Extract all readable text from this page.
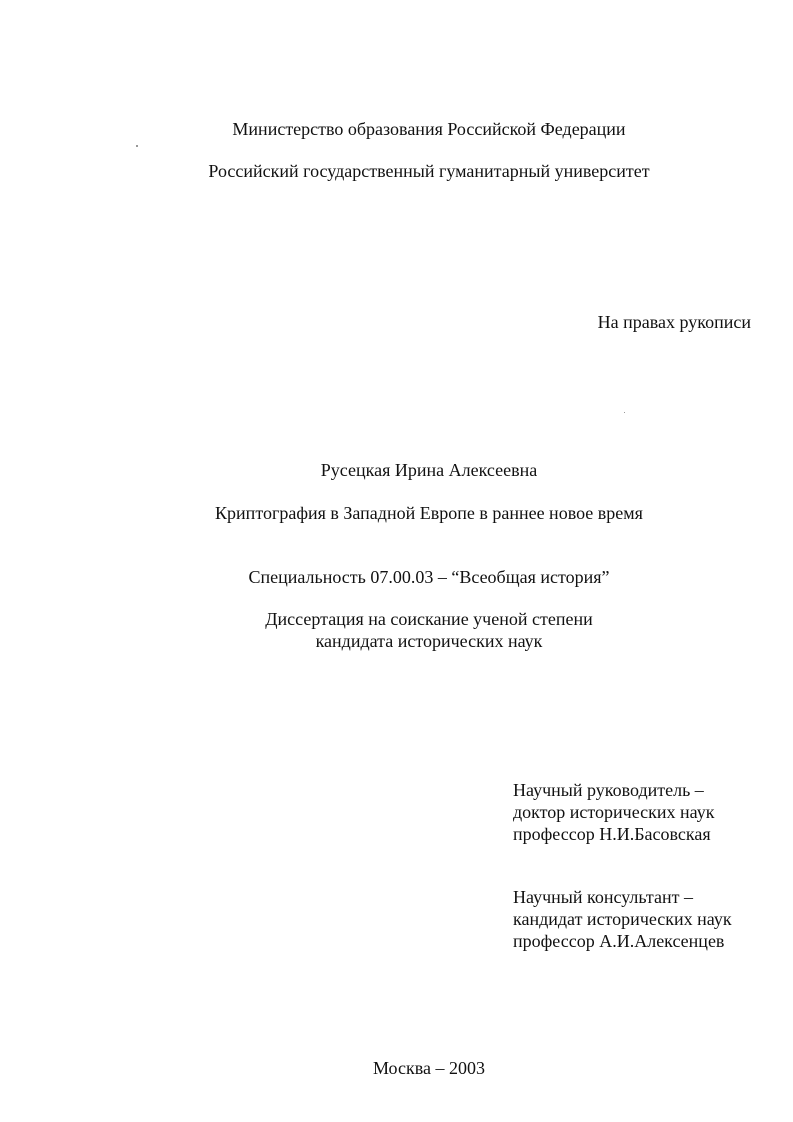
Министерство образования Российской Федерации
Российский государственный гуманитарный университет
На правах рукописи
Русецкая Ирина Алексеевна
Криптография в Западной Европе в раннее новое время
Специальность 07.00.03 – “Всеобщая история”
Диссертация на соискание ученой степени
кандидата исторических наук
Научный руководитель –
доктор исторических наук
профессор Н.И.Басовская
Научный консультант –
кандидат исторических наук
профессор А.И.Алексенцев
Москва – 2003
